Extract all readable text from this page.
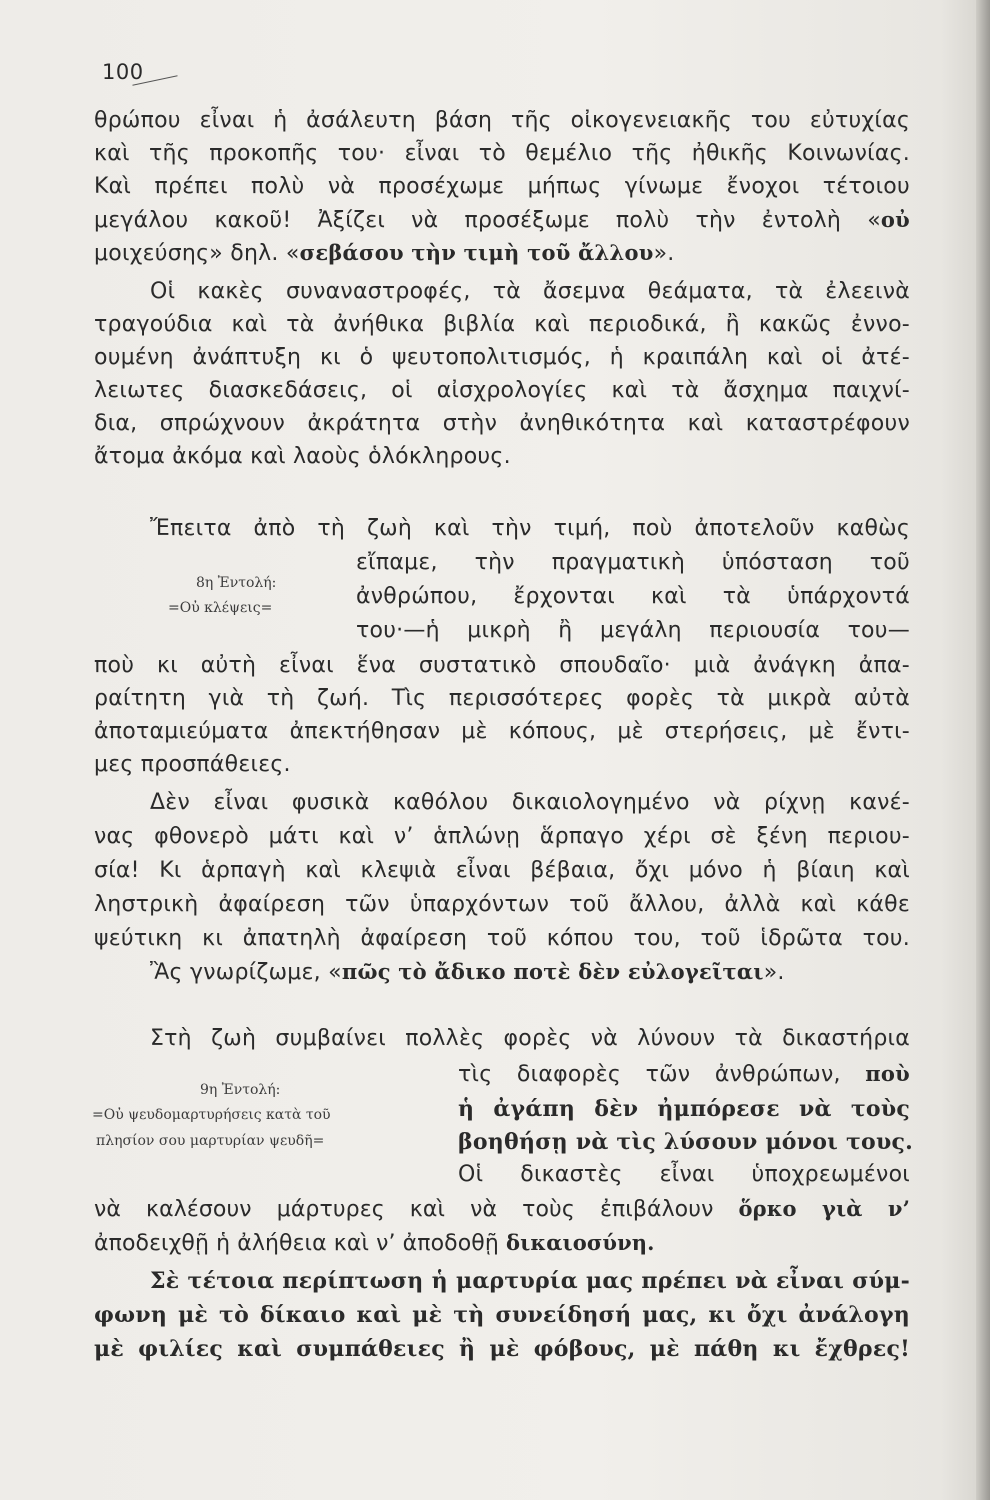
100
θρώπου εἶναι ἡ ἀσάλευτη βάση τῆς οἰκογενειακῆς του εὐτυχίας
καὶ τῆς προκοπῆς του· εἶναι τὸ θεμέλιο τῆς ἠθικῆς Κοινωνίας.
Καὶ πρέπει πολὺ νὰ προσέχωμε μήπως γίνωμε ἔνοχοι τέτοιου
μεγάλου κακοῦ! Ἀξίζει νὰ προσέξωμε πολὺ τὴν ἐντολὴ «οὐ
μοιχεύσης» δηλ. «σεβάσου τὴν τιμὴ τοῦ ἄλλου».
Οἱ κακὲς συναναστροφές, τὰ ἄσεμνα θεάματα, τὰ ἐλεεινὰ
τραγούδια καὶ τὰ ἀνήθικα βιβλία καὶ περιοδικά, ἢ κακῶς ἐννο-
ουμένη ἀνάπτυξη κι ὁ ψευτοπολιτισμός, ἡ κραιπάλη καὶ οἱ ἀτέ-
λειωτες διασκεδάσεις, οἱ αἰσχρολογίες καὶ τὰ ἄσχημα παιχνί-
δια, σπρώχνουν ἀκράτητα στὴν ἀνηθικότητα καὶ καταστρέφουν
ἄτομα ἀκόμα καὶ λαοὺς ὁλόκληρους.
Ἔπειτα ἀπὸ τὴ ζωὴ καὶ τὴν τιμή, ποὺ ἀποτελοῦν καθὼς
εἴπαμε, τὴν πραγματικὴ ὑπόσταση τοῦ
ἀνθρώπου, ἔρχονται καὶ τὰ ὑπάρχοντά
του·—ἡ μικρὴ ἢ μεγάλη περιουσία του—
8η Ἐντολή:
=Οὐ κλέψεις=
ποὺ κι αὐτὴ εἶναι ἕνα συστατικὸ σπουδαῖο· μιὰ ἀνάγκη ἀπα-
ραίτητη γιὰ τὴ ζωή. Τὶς περισσότερες φορὲς τὰ μικρὰ αὐτὰ
ἀποταμιεύματα ἀπεκτήθησαν μὲ κόπους, μὲ στερήσεις, μὲ ἔντι-
μες προσπάθειες.
Δὲν εἶναι φυσικὰ καθόλου δικαιολογημένο νὰ ρίχνῃ κανέ-
νας φθονερὸ μάτι καὶ ν’ ἁπλώνῃ ἅρπαγο χέρι σὲ ξένη περιου-
σία! Κι ἁρπαγὴ καὶ κλεψιὰ εἶναι βέβαια, ὄχι μόνο ἡ βίαιη καὶ
ληστρικὴ ἀφαίρεση τῶν ὑπαρχόντων τοῦ ἄλλου, ἀλλὰ καὶ κάθε
ψεύτικη κι ἀπατηλὴ ἀφαίρεση τοῦ κόπου του, τοῦ ἱδρῶτα του.
Ἂς γνωρίζωμε, «πῶς τὸ ἄδικο ποτὲ δὲν εὐλογεῖται».
Στὴ ζωὴ συμβαίνει πολλὲς φορὲς νὰ λύνουν τὰ δικαστήρια
τὶς διαφορὲς τῶν ἀνθρώπων, ποὺ
ἡ ἀγάπη δὲν ἠμπόρεσε νὰ τοὺς
βοηθήσῃ νὰ τὶς λύσουν μόνοι τους.
Οἱ δικαστὲς εἶναι ὑποχρεωμένοι
9η Ἐντολή:
=Οὐ ψευδομαρτυρήσεις κατὰ τοῦ
πλησίον σου μαρτυρίαν ψευδῆ=
νὰ καλέσουν μάρτυρες καὶ νὰ τοὺς ἐπιβάλουν ὅρκο γιὰ ν’
ἀποδειχθῇ ἡ ἀλήθεια καὶ ν’ ἀποδοθῇ δικαιοσύνη.
Σὲ τέτοια περίπτωση ἡ μαρτυρία μας πρέπει νὰ εἶναι σύμ-
φωνη μὲ τὸ δίκαιο καὶ μὲ τὴ συνείδησή μας, κι ὄχι ἀνάλογη
μὲ φιλίες καὶ συμπάθειες ἢ μὲ φόβους, μὲ πάθη κι ἔχθρες!
